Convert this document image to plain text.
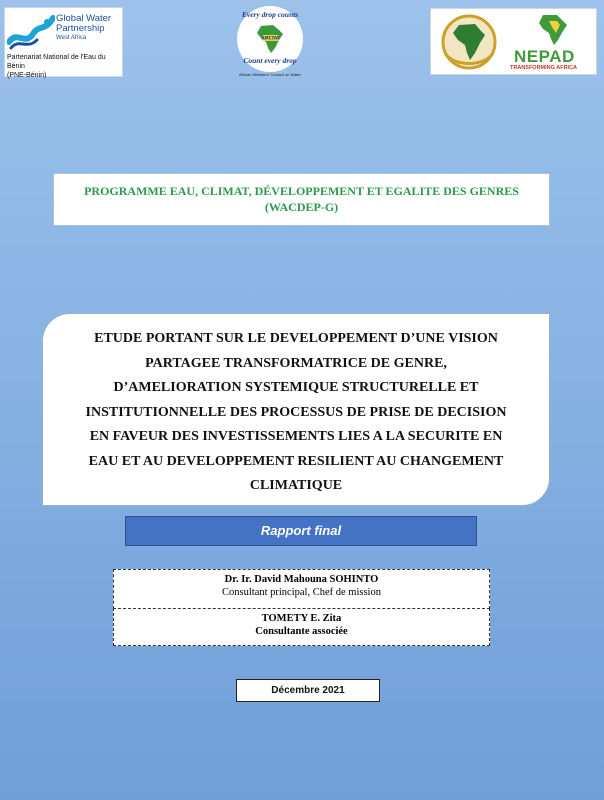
Global Water Partnership
West Africa
Partenariat National de l'Eau du Bénin
(PNE-Bénin)
Every drop counts
AMCOW
Count every drop
African Ministers' Council on Water
NEPAD
TRANSFORMING AFRICA
PROGRAMME EAU, CLIMAT, DÉVELOPPEMENT ET EGALITE DES GENRES
(WACDEP-G)
ETUDE PORTANT SUR LE DEVELOPPEMENT D’UNE VISION
PARTAGEE TRANSFORMATRICE DE GENRE,
D’AMELIORATION SYSTEMIQUE STRUCTURELLE ET
INSTITUTIONNELLE DES PROCESSUS DE PRISE DE DECISION
EN FAVEUR DES INVESTISSEMENTS LIES A LA SECURITE EN
EAU ET AU DEVELOPPEMENT RESILIENT AU CHANGEMENT
CLIMATIQUE
Rapport final
Dr. Ir. David Mahouna SOHINTO
Consultant principal, Chef de mission
TOMETY E. Zita
Consultante associée
Décembre 2021
